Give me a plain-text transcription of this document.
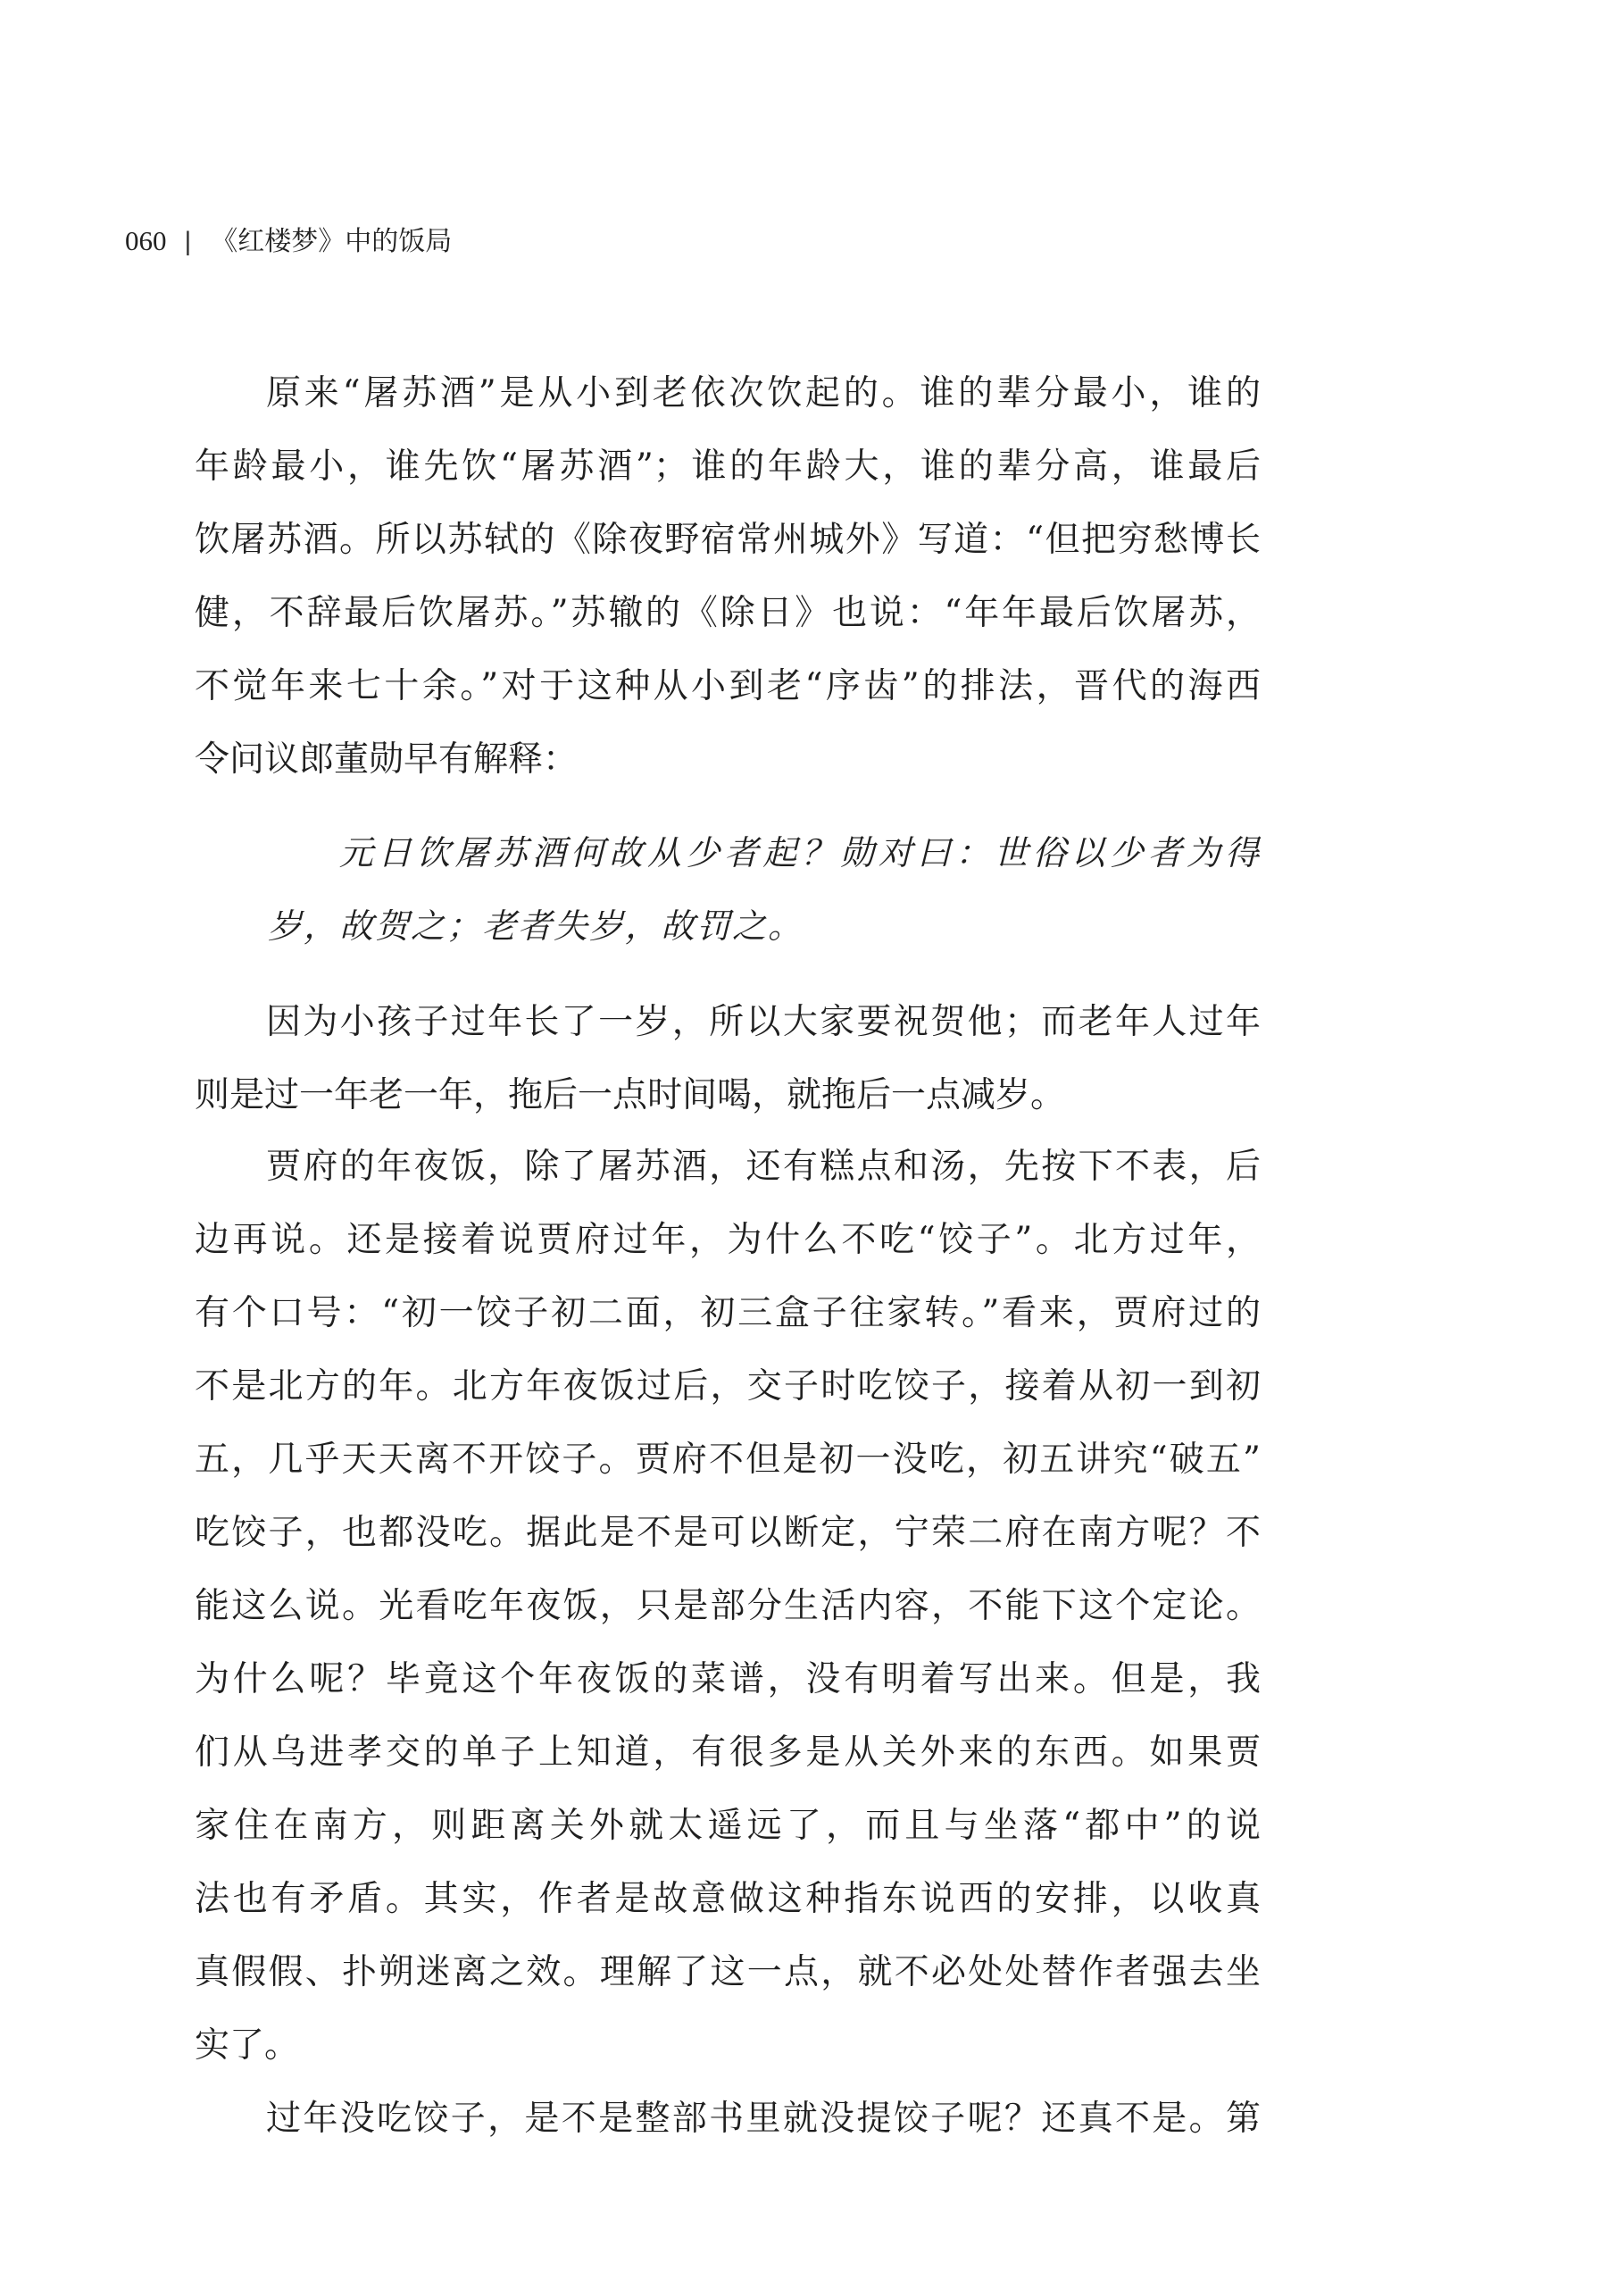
060 | 《红楼梦》中的饭局
原来“屠苏酒”是从小到老依次饮起的。谁的辈分最小，谁的
年龄最小，谁先饮“屠苏酒”；谁的年龄大，谁的辈分高，谁最后
饮屠苏酒。所以苏轼的《除夜野宿常州城外》写道：“但把穷愁博长
健，不辞最后饮屠苏。”苏辙的《除日》也说：“年年最后饮屠苏，
不觉年来七十余。”对于这种从小到老“序齿”的排法，晋代的海西
令问议郎董勋早有解释：
元日饮屠苏酒何故从少者起？勋对曰：世俗以少者为得
岁，故贺之；老者失岁，故罚之。
因为小孩子过年长了一岁，所以大家要祝贺他；而老年人过年
则是过一年老一年，拖后一点时间喝，就拖后一点减岁。
贾府的年夜饭，除了屠苏酒，还有糕点和汤，先按下不表，后
边再说。还是接着说贾府过年，为什么不吃“饺子”。北方过年，
有个口号：“初一饺子初二面，初三盒子往家转。”看来，贾府过的
不是北方的年。北方年夜饭过后，交子时吃饺子，接着从初一到初
五，几乎天天离不开饺子。贾府不但是初一没吃，初五讲究“破五”
吃饺子，也都没吃。据此是不是可以断定，宁荣二府在南方呢？不
能这么说。光看吃年夜饭，只是部分生活内容，不能下这个定论。
为什么呢？毕竟这个年夜饭的菜谱，没有明着写出来。但是，我
们从乌进孝交的单子上知道，有很多是从关外来的东西。如果贾
家住在南方，则距离关外就太遥远了，而且与坐落“都中”的说
法也有矛盾。其实，作者是故意做这种指东说西的安排，以收真
真假假、扑朔迷离之效。理解了这一点，就不必处处替作者强去坐
实了。
过年没吃饺子，是不是整部书里就没提饺子呢？还真不是。第
